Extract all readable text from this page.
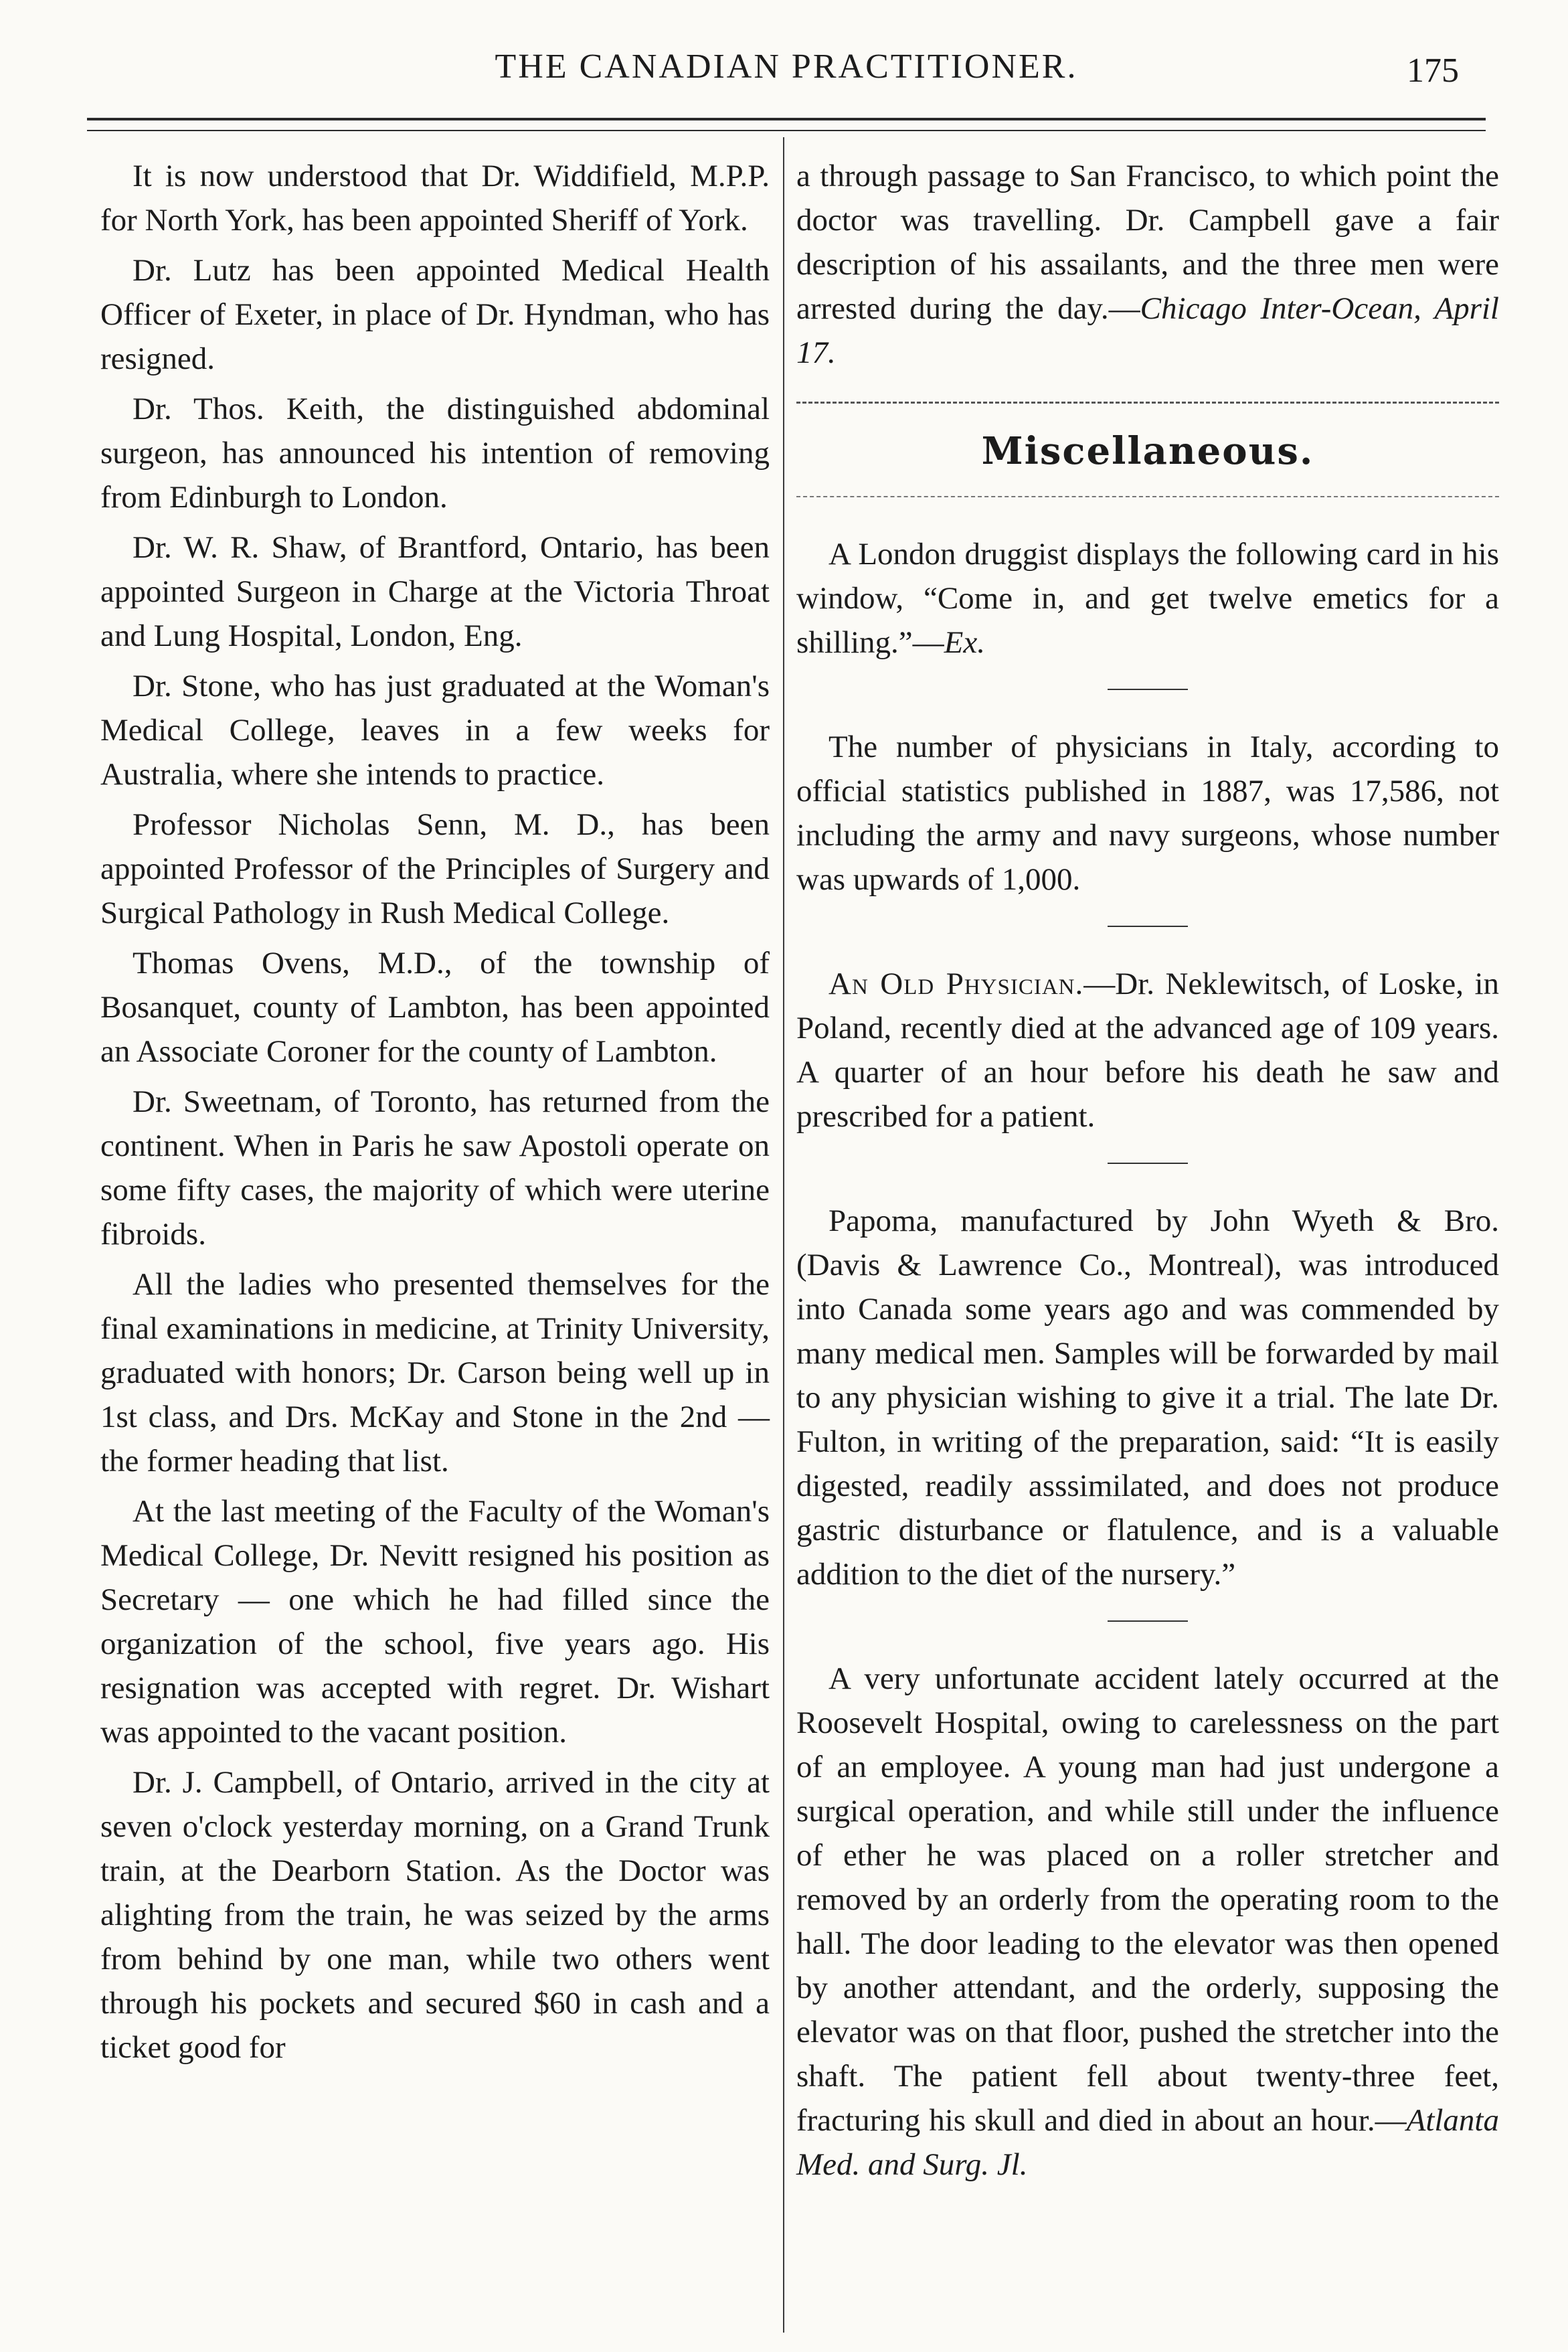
THE CANADIAN PRACTITIONER.	175

It is now understood that Dr. Widdifield, M.P.P. for North York, has been appointed Sheriff of York.

Dr. Lutz has been appointed Medical Health Officer of Exeter, in place of Dr. Hyndman, who has resigned.

Dr. Thos. Keith, the distinguished abdominal surgeon, has announced his intention of removing from Edinburgh to London.

Dr. W. R. Shaw, of Brantford, Ontario, has been appointed Surgeon in Charge at the Victoria Throat and Lung Hospital, London, Eng.

Dr. Stone, who has just graduated at the Woman's Medical College, leaves in a few weeks for Australia, where she intends to practice.

Professor Nicholas Senn, M. D., has been appointed Professor of the Principles of Surgery and Surgical Pathology in Rush Medical College.

Thomas Ovens, M.D., of the township of Bosanquet, county of Lambton, has been appointed an Associate Coroner for the county of Lambton.

Dr. Sweetnam, of Toronto, has returned from the continent. When in Paris he saw Apostoli operate on some fifty cases, the majority of which were uterine fibroids.

All the ladies who presented themselves for the final examinations in medicine, at Trinity University, graduated with honors; Dr. Carson being well up in 1st class, and Drs. McKay and Stone in the 2nd — the former heading that list.

At the last meeting of the Faculty of the Woman's Medical College, Dr. Nevitt resigned his position as Secretary — one which he had filled since the organization of the school, five years ago. His resignation was accepted with regret. Dr. Wishart was appointed to the vacant position.

Dr. J. Campbell, of Ontario, arrived in the city at seven o'clock yesterday morning, on a Grand Trunk train, at the Dearborn Station. As the Doctor was alighting from the train, he was seized by the arms from behind by one man, while two others went through his pockets and secured $60 in cash and a ticket good for

a through passage to San Francisco, to which point the doctor was travelling. Dr. Campbell gave a fair description of his assailants, and the three men were arrested during the day.—Chicago Inter-Ocean, April 17.

Miscellaneous.

A London druggist displays the following card in his window, “Come in, and get twelve emetics for a shilling.”—Ex.

The number of physicians in Italy, according to official statistics published in 1887, was 17,586, not including the army and navy surgeons, whose number was upwards of 1,000.

An Old Physician.—Dr. Neklewitsch, of Loske, in Poland, recently died at the advanced age of 109 years. A quarter of an hour before his death he saw and prescribed for a patient.

Papoma, manufactured by John Wyeth & Bro. (Davis & Lawrence Co., Montreal), was introduced into Canada some years ago and was commended by many medical men. Samples will be forwarded by mail to any physician wishing to give it a trial. The late Dr. Fulton, in writing of the preparation, said: “It is easily digested, readily asssimilated, and does not produce gastric disturbance or flatulence, and is a valuable addition to the diet of the nursery.”

A very unfortunate accident lately occurred at the Roosevelt Hospital, owing to carelessness on the part of an employee. A young man had just undergone a surgical operation, and while still under the influence of ether he was placed on a roller stretcher and removed by an orderly from the operating room to the hall. The door leading to the elevator was then opened by another attendant, and the orderly, supposing the elevator was on that floor, pushed the stretcher into the shaft. The patient fell about twenty-three feet, fracturing his skull and died in about an hour.—Atlanta Med. and Surg. Jl.
